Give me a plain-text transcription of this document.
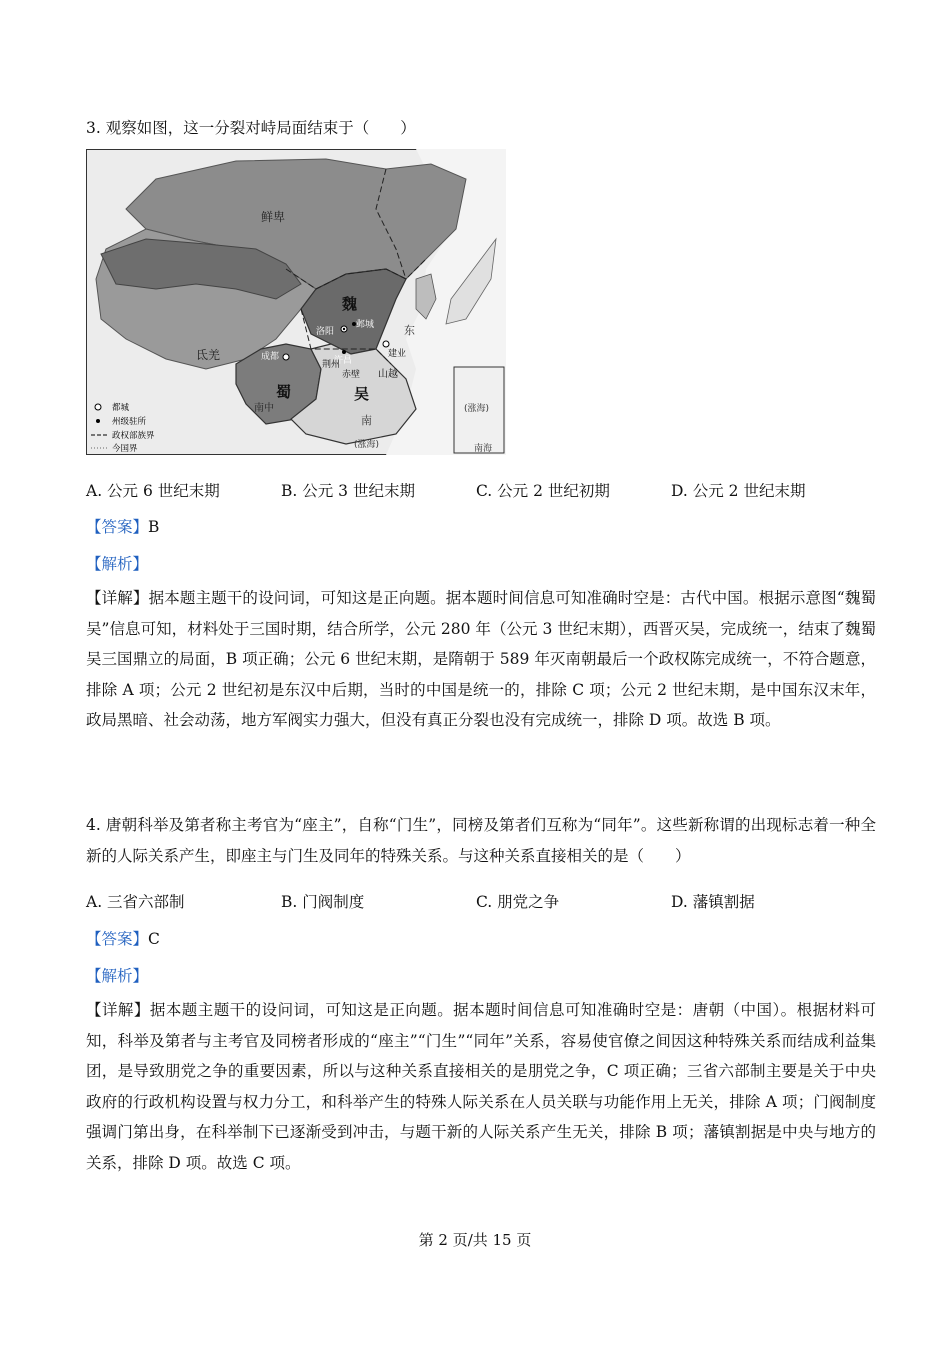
3. 观察如图，这一分裂对峙局面结束于（　　）
(涨海)
南海
鲜卑
魏
洛阳
邺城
许昌
成都
蜀
建业
荆州
赤壁 山越
吴
氐羌
南中
东
南
(涨海)
都城
州级驻所
政权部族界
今国界
A. 公元 6 世纪末期	B. 公元 3 世纪末期	C. 公元 2 世纪初期	D. 公元 2 世纪末期
【答案】B
【解析】
【详解】据本题主题干的设问词，可知这是正向题。据本题时间信息可知准确时空是：古代中国。根据示意图“魏蜀吴”信息可知，材料处于三国时期，结合所学，公元 280 年（公元 3 世纪末期），西晋灭吴，完成统一，结束了魏蜀吴三国鼎立的局面，B 项正确；公元 6 世纪末期，是隋朝于 589 年灭南朝最后一个政权陈完成统一，不符合题意，排除 A 项；公元 2 世纪初是东汉中后期，当时的中国是统一的，排除 C 项；公元 2 世纪末期，是中国东汉末年，政局黑暗、社会动荡，地方军阀实力强大，但没有真正分裂也没有完成统一，排除 D 项。故选 B 项。
4. 唐朝科举及第者称主考官为“座主”，自称“门生”，同榜及第者们互称为“同年”。这些新称谓的出现标志着一种全新的人际关系产生，即座主与门生及同年的特殊关系。与这种关系直接相关的是（　　）
A. 三省六部制	B. 门阀制度	C. 朋党之争	D. 藩镇割据
【答案】C
【解析】
【详解】据本题主题干的设问词，可知这是正向题。据本题时间信息可知准确时空是：唐朝（中国）。根据材料可知，科举及第者与主考官及同榜者形成的“座主”“门生”“同年”关系，容易使官僚之间因这种特殊关系而结成利益集团，是导致朋党之争的重要因素，所以与这种关系直接相关的是朋党之争，C 项正确；三省六部制主要是关于中央政府的行政机构设置与权力分工，和科举产生的特殊人际关系在人员关联与功能作用上无关，排除 A 项；门阀制度强调门第出身，在科举制下已逐渐受到冲击，与题干新的人际关系产生无关，排除 B 项；藩镇割据是中央与地方的关系，排除 D 项。故选 C 项。
第 2 页/共 15 页
